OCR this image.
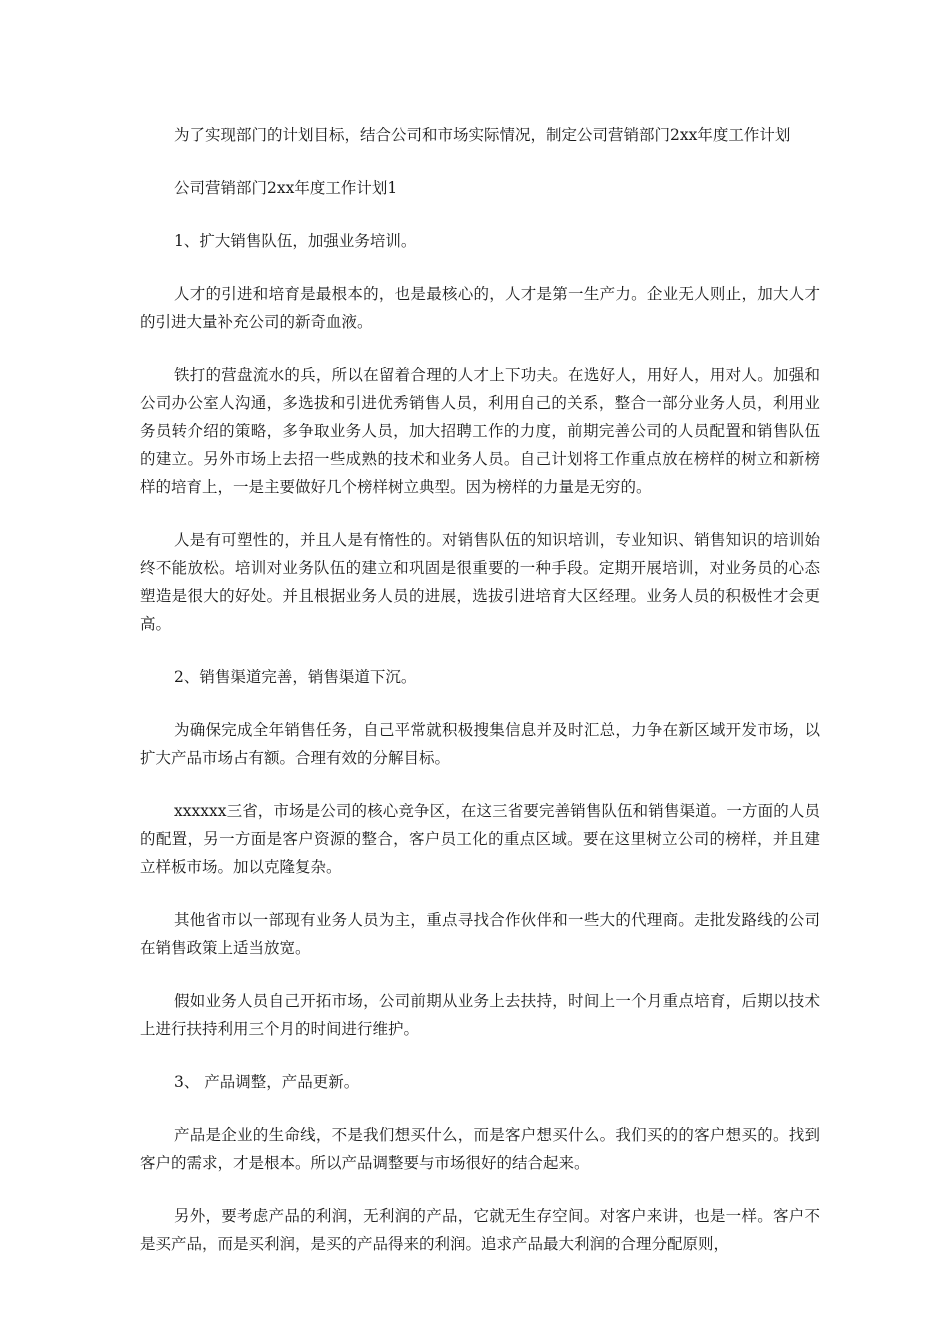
为了实现部门的计划目标，结合公司和市场实际情况，制定公司营销部门2xx年度工作计划

公司营销部门2xx年度工作计划1

1、扩大销售队伍，加强业务培训。

人才的引进和培育是最根本的，也是最核心的，人才是第一生产力。企业无人则止，加大人才的引进大量补充公司的新奇血液。

铁打的营盘流水的兵，所以在留着合理的人才上下功夫。在选好人，用好人，用对人。加强和公司办公室人沟通，多选拔和引进优秀销售人员，利用自己的关系，整合一部分业务人员，利用业务员转介绍的策略，多争取业务人员，加大招聘工作的力度，前期完善公司的人员配置和销售队伍的建立。另外市场上去招一些成熟的技术和业务人员。自己计划将工作重点放在榜样的树立和新榜样的培育上，一是主要做好几个榜样树立典型。因为榜样的力量是无穷的。

人是有可塑性的，并且人是有惰性的。对销售队伍的知识培训，专业知识、销售知识的培训始终不能放松。培训对业务队伍的建立和巩固是很重要的一种手段。定期开展培训，对业务员的心态塑造是很大的好处。并且根据业务人员的进展，选拔引进培育大区经理。业务人员的积极性才会更高。

2、销售渠道完善，销售渠道下沉。

为确保完成全年销售任务，自己平常就积极搜集信息并及时汇总，力争在新区域开发市场，以扩大产品市场占有额。合理有效的分解目标。

xxxxxx三省，市场是公司的核心竞争区，在这三省要完善销售队伍和销售渠道。一方面的人员的配置，另一方面是客户资源的整合，客户员工化的重点区域。要在这里树立公司的榜样，并且建立样板市场。加以克隆复杂。

其他省市以一部现有业务人员为主，重点寻找合作伙伴和一些大的代理商。走批发路线的公司在销售政策上适当放宽。

假如业务人员自己开拓市场，公司前期从业务上去扶持，时间上一个月重点培育，后期以技术上进行扶持利用三个月的时间进行维护。

3、 产品调整，产品更新。

产品是企业的生命线，不是我们想买什么，而是客户想买什么。我们买的的客户想买的。找到客户的需求，才是根本。所以产品调整要与市场很好的结合起来。

另外，要考虑产品的利润，无利润的产品，它就无生存空间。对客户来讲，也是一样。客户不是买产品，而是买利润，是买的产品得来的利润。追求产品最大利润的合理分配原则，
